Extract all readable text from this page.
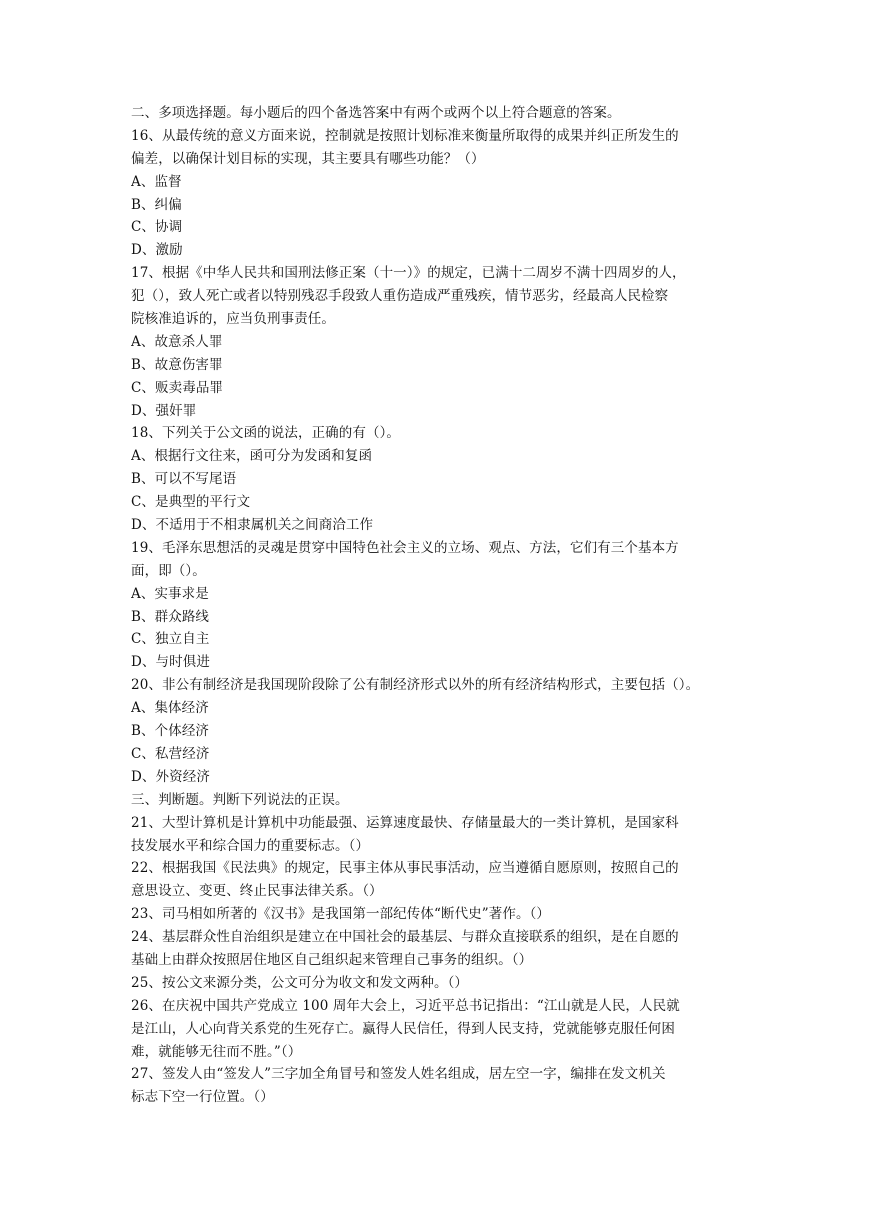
二、多项选择题。每小题后的四个备选答案中有两个或两个以上符合题意的答案。
16、从最传统的意义方面来说，控制就是按照计划标准来衡量所取得的成果并纠正所发生的
偏差，以确保计划目标的实现，其主要具有哪些功能？（）
A、监督
B、纠偏
C、协调
D、激励
17、根据《中华人民共和国刑法修正案（十一）》的规定，已满十二周岁不满十四周岁的人，
犯（），致人死亡或者以特别残忍手段致人重伤造成严重残疾，情节恶劣，经最高人民检察
院核准追诉的，应当负刑事责任。
A、故意杀人罪
B、故意伤害罪
C、贩卖毒品罪
D、强奸罪
18、下列关于公文函的说法，正确的有（）。
A、根据行文往来，函可分为发函和复函
B、可以不写尾语
C、是典型的平行文
D、不适用于不相隶属机关之间商洽工作
19、毛泽东思想活的灵魂是贯穿中国特色社会主义的立场、观点、方法，它们有三个基本方
面，即（）。
A、实事求是
B、群众路线
C、独立自主
D、与时俱进
20、非公有制经济是我国现阶段除了公有制经济形式以外的所有经济结构形式，主要包括（）。
A、集体经济
B、个体经济
C、私营经济
D、外资经济
三、判断题。判断下列说法的正误。
21、大型计算机是计算机中功能最强、运算速度最快、存储量最大的一类计算机，是国家科
技发展水平和综合国力的重要标志。（）
22、根据我国《民法典》的规定，民事主体从事民事活动，应当遵循自愿原则，按照自己的
意思设立、变更、终止民事法律关系。（）
23、司马相如所著的《汉书》是我国第一部纪传体“断代史”著作。（）
24、基层群众性自治组织是建立在中国社会的最基层、与群众直接联系的组织，是在自愿的
基础上由群众按照居住地区自己组织起来管理自己事务的组织。（）
25、按公文来源分类，公文可分为收文和发文两种。（）
26、在庆祝中国共产党成立 100 周年大会上，习近平总书记指出：“江山就是人民，人民就
是江山，人心向背关系党的生死存亡。赢得人民信任，得到人民支持，党就能够克服任何困
难，就能够无往而不胜。”（）
27、签发人由“签发人”三字加全角冒号和签发人姓名组成，居左空一字，编排在发文机关
标志下空一行位置。（）
